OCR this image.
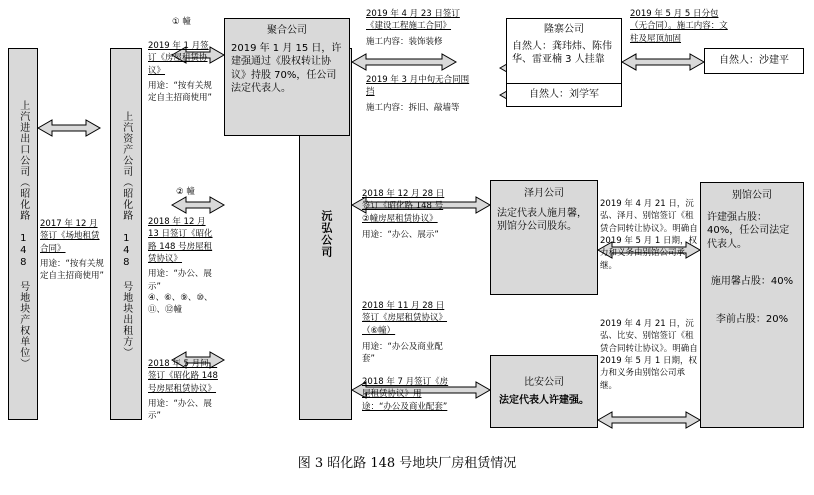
上汽进出口公司（昭化路 148 号地块产权单位）	上汽资产公司（昭化路 148 号地块出租方）	沅弘公司
聚合公司
2019 年 1 月 15 日，许建强通过《股权转让协议》持股 70%，任公司法定代表人。
隆寨公司
自然人：龚玮炜、陈伟华、雷亚楠 3 人挂靠	自然人：沙建平
自然人：刘学军
泽月公司
法定代表人施月馨，别馆分公司股东。
比安公司
法定代表人许建强。
别馆公司
许建强占股：40%，任公司法定代表人。
施用馨占股：40%
李前占股：20%
① 幢
2019 年 1 月签订《房屋租赁协议》
用途：“按有关规定自主招商使用”
2017 年 12 月签订《场地租赁合同》
用途：“按有关规定自主招商使用”
② 幢
2018 年 12 月 13 日签订《昭化路 148 号房屋租赁协议》
用途：“办公、展示”
④、⑥、⑨、⑩、⑪、⑫幢
2018 年 5 月间，签订《昭化路 148 号房屋租赁协议》
用途：“办公、展示”
2018 年 12 月 28 日签订《昭化路 148 号②幢房屋租赁协议》
用途：“办公、展示”
2018 年 11 月 28 日签订《房屋租赁协议》（⑥幢）
用途：“办公及商业配套”
2018 年 7 月签订《房屋租赁协议》用途：“办公及商业配套”
2019 年 4 月 23 日签订《建设工程施工合同》
施工内容：装饰装修
2019 年 3 月中旬无合同围挡
施工内容：拆旧、敲墙等
2019 年 5 月 5 日分包（无合同）。施工内容：文柱及屋顶加固
2019 年 4 月 21 日，沅弘、泽月、别馆签订《租赁合同转让协议》。明确自 2019 年 5 月 1 日期，权力和义务由别馆公司承继。
2019 年 4 月 21 日，沅弘、比安、别馆签订《租赁合同转让协议》。明确自 2019 年 5 月 1 日期，权力和义务由别馆公司承继。
图 3 昭化路 148 号地块厂房租赁情况
